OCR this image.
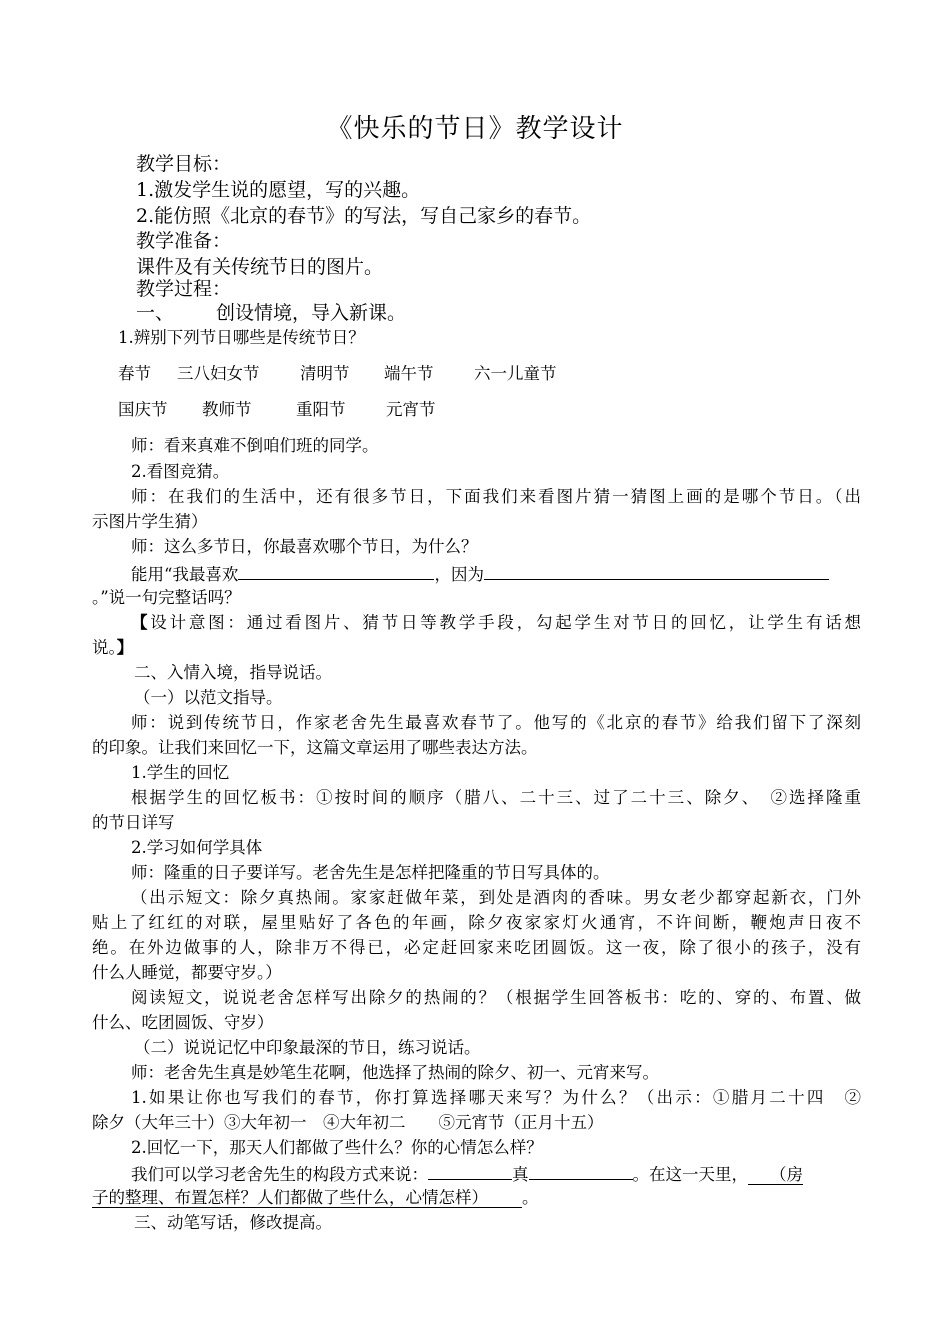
《快乐的节日》教学设计
教学目标：
1.激发学生说的愿望，写的兴趣。
2.能仿照《北京的春节》的写法，写自己家乡的春节。
教学准备：
课件及有关传统节日的图片。
教学过程：
一、 创设情境，导入新课。
1.辨别下列节日哪些是传统节日？
春节 三八妇女节 清明节 端午节 六一儿童节
国庆节 教师节	重阳节 元宵节
师：看来真难不倒咱们班的同学。
2.看图竞猜。
师：在我们的生活中，还有很多节日，下面我们来看图片猜一猜图上画的是哪个节日。（出
示图片学生猜）
师：这么多节日，你最喜欢哪个节日，为什么？
能用“我最喜欢	，因为
。”说一句完整话吗？
【设计意图：通过看图片、猜节日等教学手段，勾起学生对节日的回忆，让学生有话想
说。】
二、入情入境，指导说话。
（一）以范文指导。
师：说到传统节日，作家老舍先生最喜欢春节了。他写的《北京的春节》给我们留下了深刻
的印象。让我们来回忆一下，这篇文章运用了哪些表达方法。
1.学生的回忆
根据学生的回忆板书：①按时间的顺序（腊八、二十三、过了二十三、除夕、　②选择隆重
的节日详写
2.学习如何学具体
师：隆重的日子要详写。老舍先生是怎样把隆重的节日写具体的。
（出示短文：除夕真热闹。家家赶做年菜，到处是酒肉的香味。男女老少都穿起新衣，门外
贴上了红红的对联，屋里贴好了各色的年画，除夕夜家家灯火通宵，不许间断，鞭炮声日夜不
绝。在外边做事的人，除非万不得已，必定赶回家来吃团圆饭。这一夜，除了很小的孩子，没有
什么人睡觉，都要守岁。）
阅读短文，说说老舍怎样写出除夕的热闹的？（根据学生回答板书：吃的、穿的、布置、做
什么、吃团圆饭、守岁）
（二）说说记忆中印象最深的节日，练习说话。
师：老舍先生真是妙笔生花啊，他选择了热闹的除夕、初一、元宵来写。
1.如果让你也写我们的春节，你打算选择哪天来写？为什么？（出示：①腊月二十四　②
除夕（大年三十）③大年初一　④大年初二　　⑤元宵节（正月十五）
2.回忆一下，那天人们都做了些什么？你的心情怎么样？
我们可以学习老舍先生的构段方式来说：	真	。在这一天里， （房
子的整理、布置怎样？人们都做了些什么，心情怎样） 。
三、动笔写话，修改提高。
